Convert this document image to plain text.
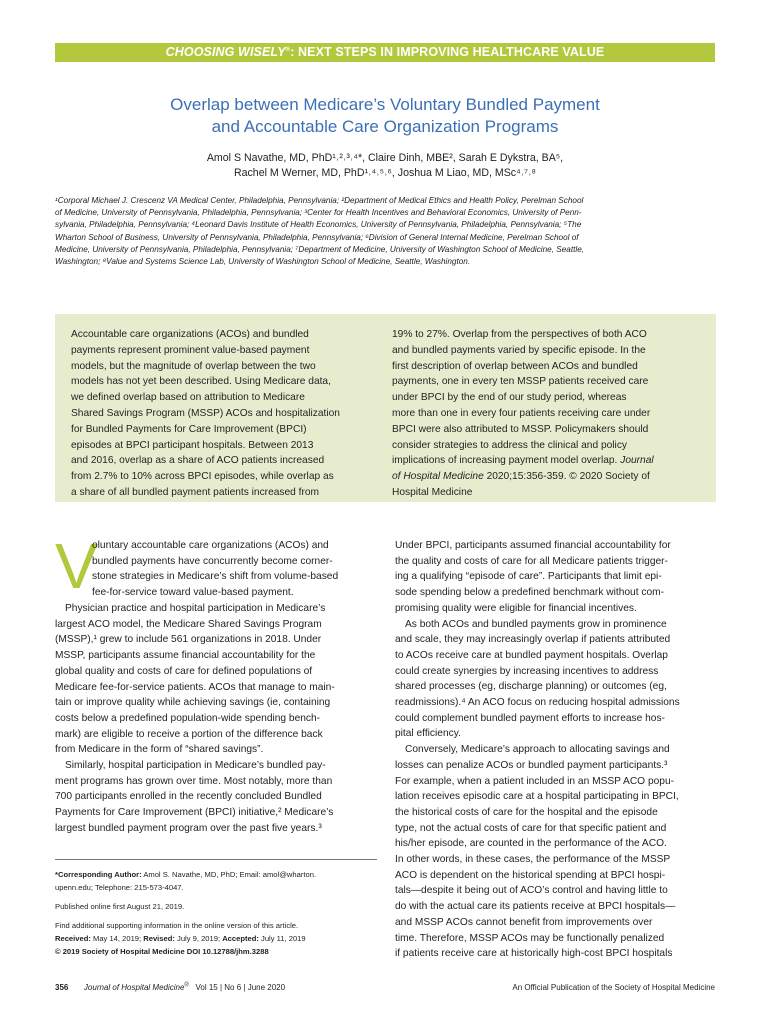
CHOOSING WISELY®: NEXT STEPS IN IMPROVING HEALTHCARE VALUE
Overlap between Medicare’s Voluntary Bundled Payment
and Accountable Care Organization Programs
Amol S Navathe, MD, PhD¹˒²˒³˒⁴*, Claire Dinh, MBE², Sarah E Dykstra, BA⁵,
Rachel M Werner, MD, PhD¹˒⁴˒⁵˒⁶, Joshua M Liao, MD, MSc⁴˒⁷˒⁸
¹Corporal Michael J. Crescenz VA Medical Center, Philadelphia, Pennsylvania; ²Department of Medical Ethics and Health Policy, Perelman School
of Medicine, University of Pennsylvania, Philadelphia, Pennsylvania; ³Center for Health Incentives and Behavioral Economics, University of Penn-
sylvania, Philadelphia, Pennsylvania; ⁴Leonard Davis Institute of Health Economics, University of Pennsylvania, Philadelphia, Pennsylvania; ⁵The
Wharton School of Business, University of Pennsylvania, Philadelphia, Pennsylvania; ⁶Division of General Internal Medicine, Perelman School of
Medicine, University of Pennsylvania, Philadelphia, Pennsylvania; ⁷Department of Medicine, University of Washington School of Medicine, Seattle,
Washington; ⁸Value and Systems Science Lab, University of Washington School of Medicine, Seattle, Washington.
Accountable care organizations (ACOs) and bundled
payments represent prominent value-based payment
models, but the magnitude of overlap between the two
models has not yet been described. Using Medicare data,
we defined overlap based on attribution to Medicare
Shared Savings Program (MSSP) ACOs and hospitalization
for Bundled Payments for Care Improvement (BPCI)
episodes at BPCI participant hospitals. Between 2013
and 2016, overlap as a share of ACO patients increased
from 2.7% to 10% across BPCI episodes, while overlap as
a share of all bundled payment patients increased from
19% to 27%. Overlap from the perspectives of both ACO
and bundled payments varied by specific episode. In the
first description of overlap between ACOs and bundled
payments, one in every ten MSSP patients received care
under BPCI by the end of our study period, whereas
more than one in every four patients receiving care under
BPCI were also attributed to MSSP. Policymakers should
consider strategies to address the clinical and policy
implications of increasing payment model overlap. Journal
of Hospital Medicine 2020;15:356-359. © 2020 Society of
Hospital Medicine
V
oluntary accountable care organizations (ACOs) and
bundled payments have concurrently become corner-
stone strategies in Medicare’s shift from volume-based
fee-for-service toward value-based payment.
Physician practice and hospital participation in Medicare’s
largest ACO model, the Medicare Shared Savings Program
(MSSP),¹ grew to include 561 organizations in 2018. Under
MSSP, participants assume financial accountability for the
global quality and costs of care for defined populations of
Medicare fee-for-service patients. ACOs that manage to main-
tain or improve quality while achieving savings (ie, containing
costs below a predefined population-wide spending bench-
mark) are eligible to receive a portion of the difference back
from Medicare in the form of “shared savings”.
Similarly, hospital participation in Medicare’s bundled pay-
ment programs has grown over time. Most notably, more than
700 participants enrolled in the recently concluded Bundled
Payments for Care Improvement (BPCI) initiative,² Medicare’s
largest bundled payment program over the past five years.³
*Corresponding Author: Amol S. Navathe, MD, PhD; Email: amol@wharton.
upenn.edu; Telephone: 215-573-4047.
Published online first August 21, 2019.
Find additional supporting information in the online version of this article.
Received: May 14, 2019; Revised: July 9, 2019; Accepted: July 11, 2019
© 2019 Society of Hospital Medicine DOI 10.12788/jhm.3288
Under BPCI, participants assumed financial accountability for
the quality and costs of care for all Medicare patients trigger-
ing a qualifying “episode of care”. Participants that limit epi-
sode spending below a predefined benchmark without com-
promising quality were eligible for financial incentives.
As both ACOs and bundled payments grow in prominence
and scale, they may increasingly overlap if patients attributed
to ACOs receive care at bundled payment hospitals. Overlap
could create synergies by increasing incentives to address
shared processes (eg, discharge planning) or outcomes (eg,
readmissions).⁴ An ACO focus on reducing hospital admissions
could complement bundled payment efforts to increase hos-
pital efficiency.
Conversely, Medicare’s approach to allocating savings and
losses can penalize ACOs or bundled payment participants.³
For example, when a patient included in an MSSP ACO popu-
lation receives episodic care at a hospital participating in BPCI,
the historical costs of care for the hospital and the episode
type, not the actual costs of care for that specific patient and
his/her episode, are counted in the performance of the ACO.
In other words, in these cases, the performance of the MSSP
ACO is dependent on the historical spending at BPCI hospi-
tals—despite it being out of ACO’s control and having little to
do with the actual care its patients receive at BPCI hospitals—
and MSSP ACOs cannot benefit from improvements over
time. Therefore, MSSP ACOs may be functionally penalized
if patients receive care at historically high-cost BPCI hospitals
356 Journal of Hospital Medicine® Vol 15 | No 6 | June 2020	An Official Publication of the Society of Hospital Medicine
